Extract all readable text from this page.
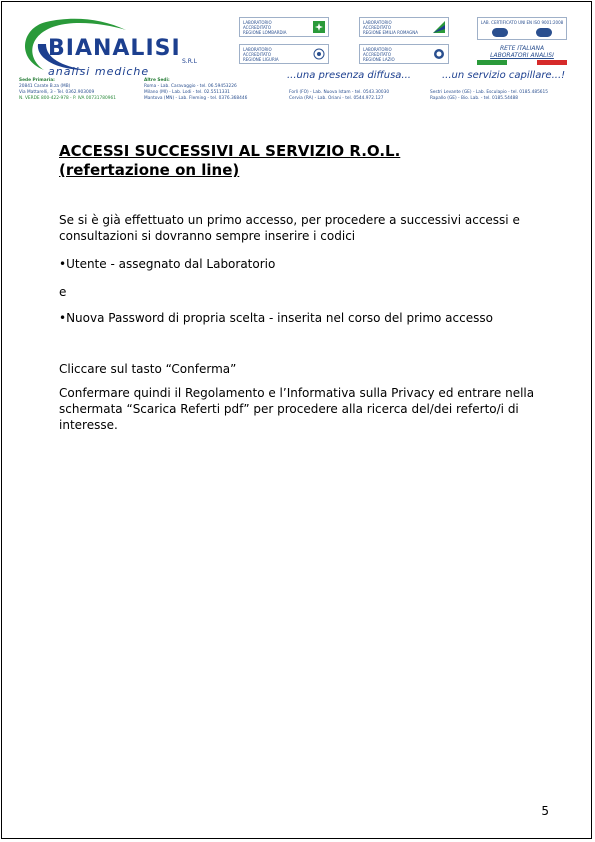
BIANALISI
S.R.L
analisi mediche
LABORATORIO
ACCREDITATO
REGIONE LOMBARDIA
LABORATORIO
ACCREDITATO
REGIONE EMILIA ROMAGNA
LABORATORIO
ACCREDITATO
REGIONE LIGURIA
LABORATORIO
ACCREDITATO
REGIONE LAZIO
LAB. CERTIFICATO UNI EN ISO 9001:2008
RETE ITALIANA
LABORATORI ANALISI
...una presenza diffusa...	...un servizio capillare...!
Sede Primaria:
20841 Carate B.za (MB)
Via Mattarelli, 3 - Tel. 0362.903009
N. VERDE 800-422-978 - P. IVA 00731780961
Altre Sedi:
Roma - Lab. Caravaggio - tel. 06.59453226
Milano (MI) - Lab. Lodi - tel. 02.5511331
Mantova (MN) - Lab. Fleming - tel. 0376.368446
Forlì (FO) - Lab. Nuova Istam - tel. 0543.30030
Cervia (RA) - Lab. Oriani - tel. 0544.972.127
Sestri Levante (GE) - Lab. Esculapio - tel. 0185.485615
Rapallo (GE) - Bio. Lab. - tel. 0185.54488
ACCESSI SUCCESSIVI AL SERVIZIO R.O.L.
(refertazione on line)
Se si è già effettuato un primo accesso, per procedere a successivi accessi e consultazioni si dovranno sempre inserire i codici
•Utente - assegnato dal Laboratorio
e
•Nuova Password di propria scelta - inserita nel corso del primo accesso
Cliccare sul tasto “Conferma”
Confermare quindi il Regolamento e l’Informativa sulla Privacy ed entrare nella schermata “Scarica Referti pdf” per procedere alla ricerca del/dei referto/i di interesse.
5
